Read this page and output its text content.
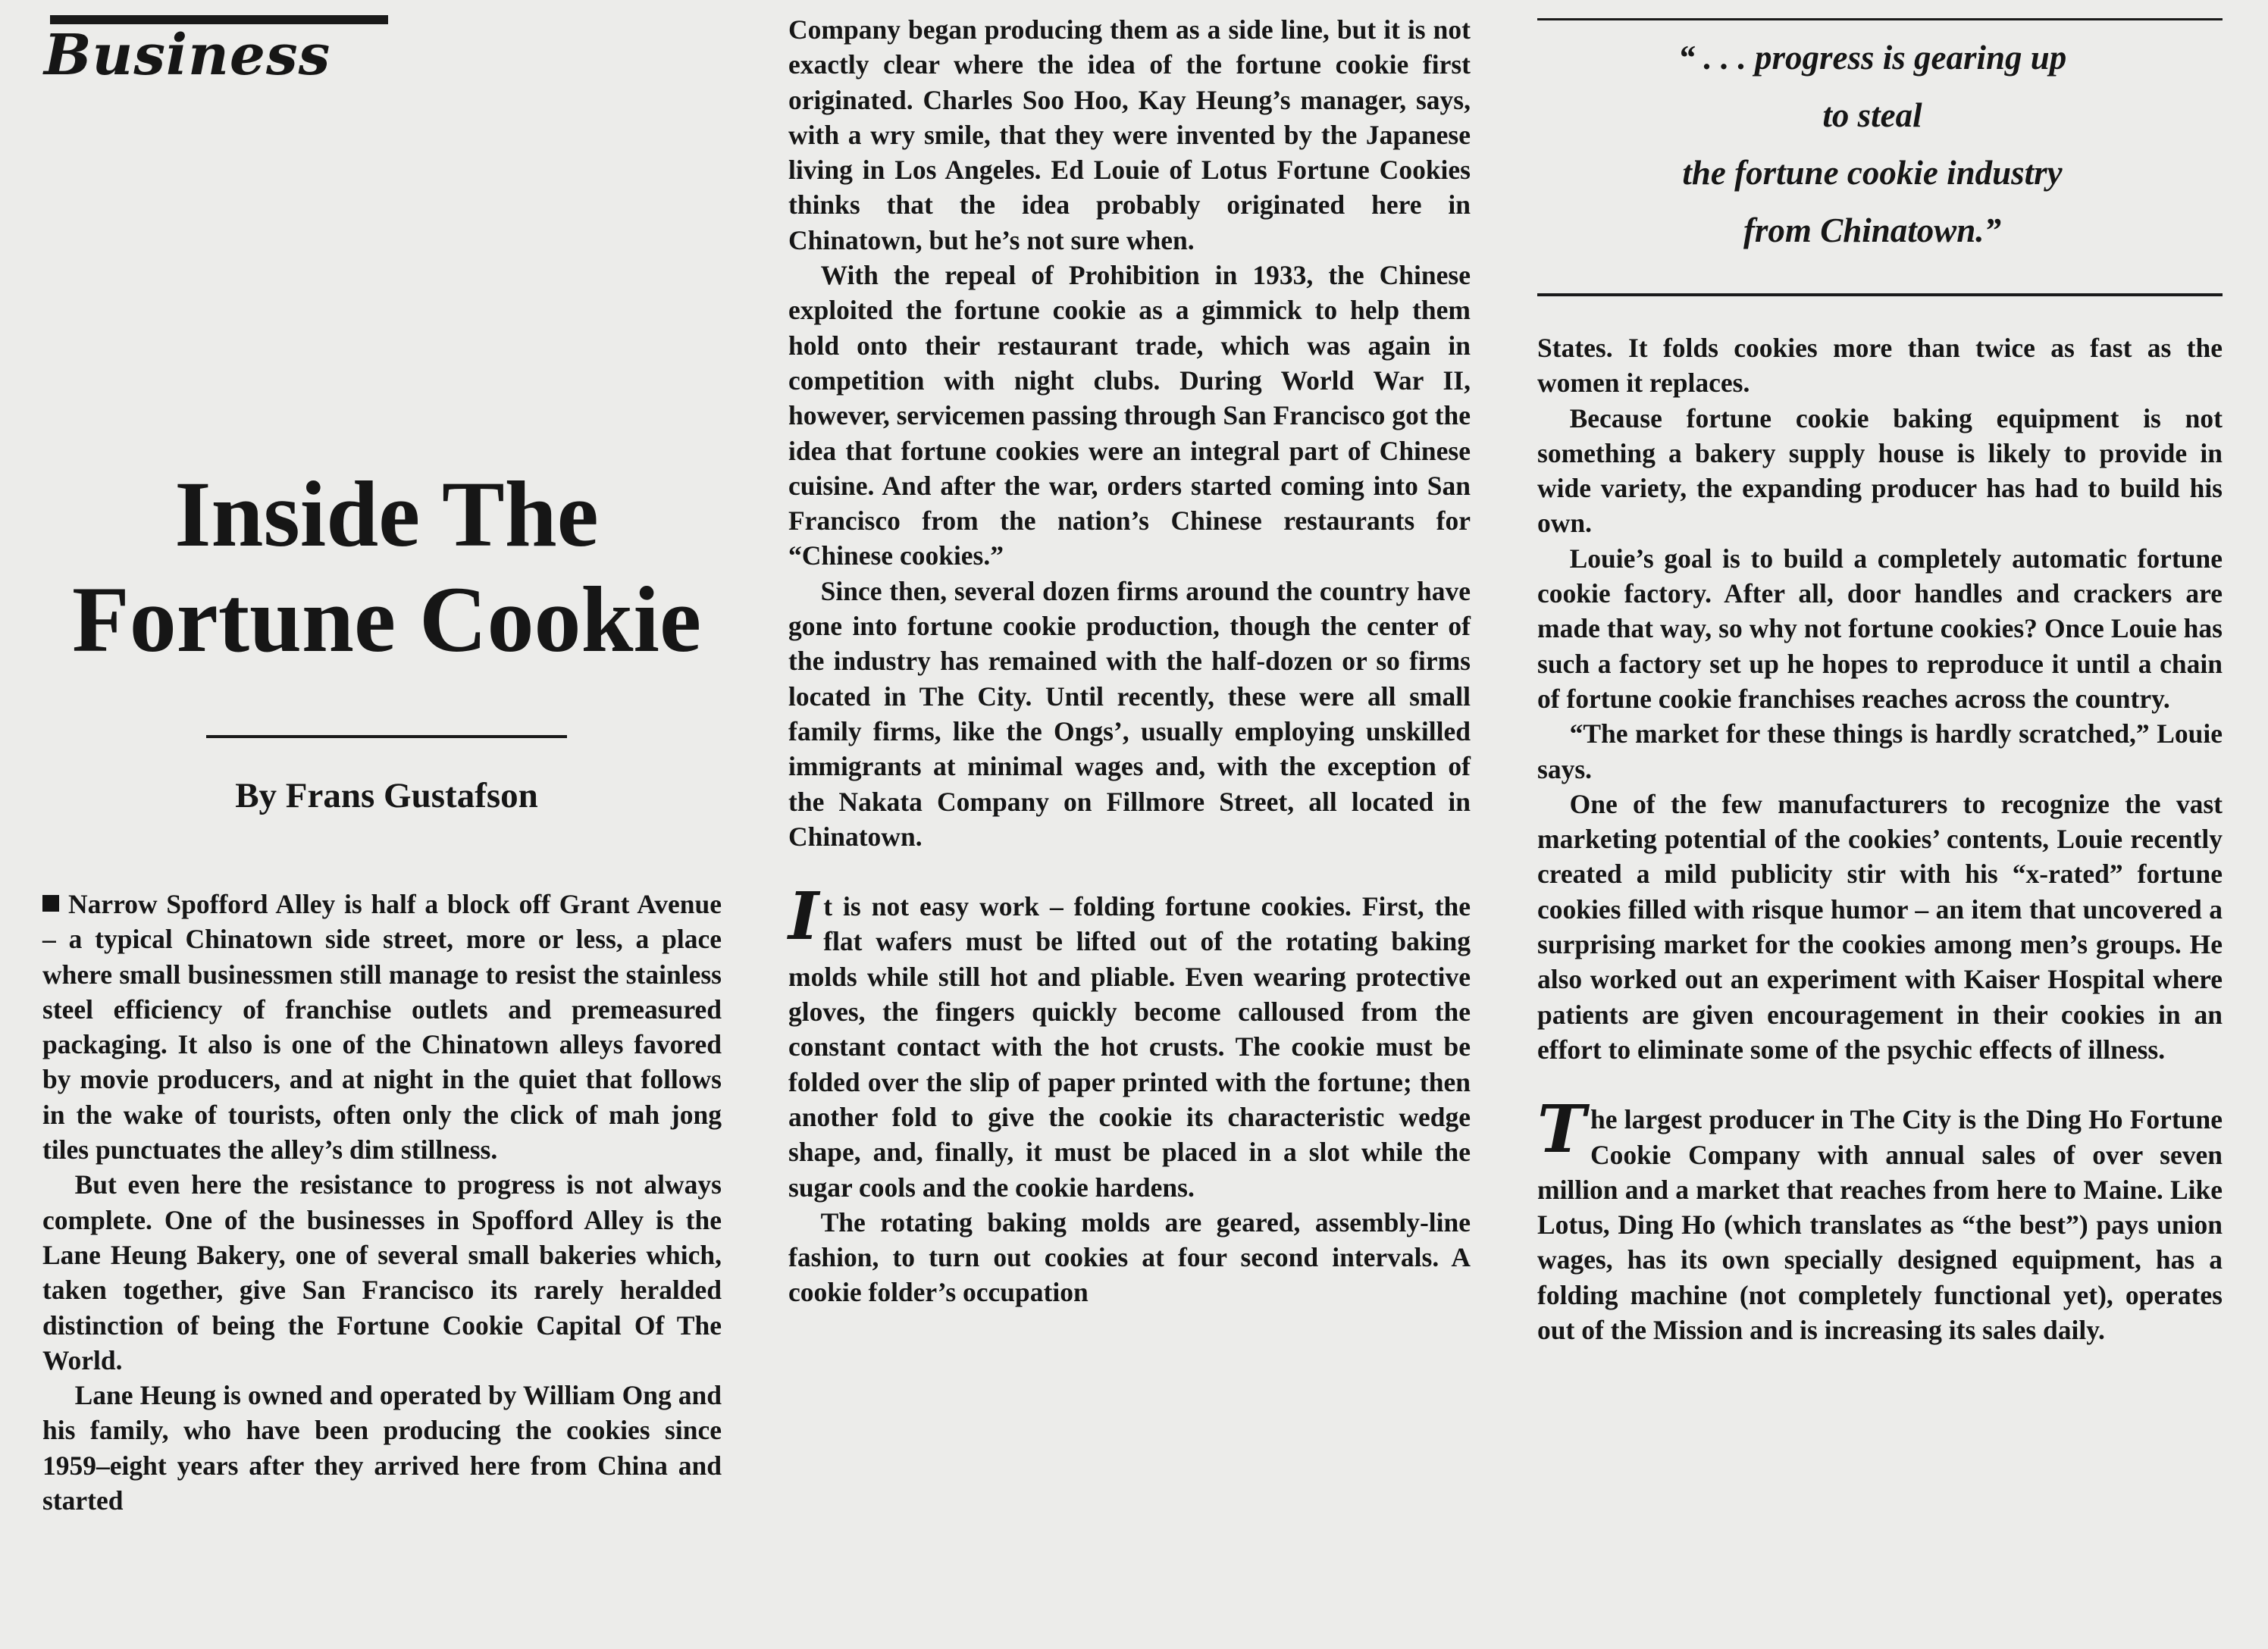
Business
Inside The Fortune Cookie
By Frans Gustafson

Narrow Spofford Alley is half a block off Grant Avenue – a typical Chinatown side street, more or less, a place where small businessmen still manage to resist the stainless steel efficiency of franchise outlets and premeasured packaging. It also is one of the Chinatown alleys favored by movie producers, and at night in the quiet that follows in the wake of tourists, often only the click of mah jong tiles punctuates the alley’s dim stillness.

But even here the resistance to progress is not always complete. One of the businesses in Spofford Alley is the Lane Heung Bakery, one of several small bakeries which, taken together, give San Francisco its rarely heralded distinction of being the Fortune Cookie Capital Of The World.

Lane Heung is owned and operated by William Ong and his family, who have been producing the cookies since 1959–eight years after they arrived here from China and started

Company began producing them as a side line, but it is not exactly clear where the idea of the fortune cookie first originated. Charles Soo Hoo, Kay Heung’s manager, says, with a wry smile, that they were invented by the Japanese living in Los Angeles. Ed Louie of Lotus Fortune Cookies thinks that the idea probably originated here in Chinatown, but he’s not sure when.

With the repeal of Prohibition in 1933, the Chinese exploited the fortune cookie as a gimmick to help them hold onto their restaurant trade, which was again in competition with night clubs. During World War II, however, servicemen passing through San Francisco got the idea that fortune cookies were an integral part of Chinese cuisine. And after the war, orders started coming into San Francisco from the nation’s Chinese restaurants for “Chinese cookies.”

Since then, several dozen firms around the country have gone into fortune cookie production, though the center of the industry has remained with the half-dozen or so firms located in The City. Until recently, these were all small family firms, like the Ongs’, usually employing unskilled immigrants at minimal wages and, with the exception of the Nakata Company on Fillmore Street, all located in Chinatown.

It is not easy work – folding fortune cookies. First, the flat wafers must be lifted out of the rotating baking molds while still hot and pliable. Even wearing protective gloves, the fingers quickly become calloused from the constant contact with the hot crusts. The cookie must be folded over the slip of paper printed with the fortune; then another fold to give the cookie its characteristic wedge shape, and, finally, it must be placed in a slot while the sugar cools and the cookie hardens.

The rotating baking molds are geared, assembly-line fashion, to turn out cookies at four second intervals. A cookie folder’s occupation

“ . . . progress is gearing up
to steal
the fortune cookie industry
from Chinatown.”

States. It folds cookies more than twice as fast as the women it replaces.

Because fortune cookie baking equipment is not something a bakery supply house is likely to provide in wide variety, the expanding producer has had to build his own.

Louie’s goal is to build a completely automatic fortune cookie factory. After all, door handles and crackers are made that way, so why not fortune cookies? Once Louie has such a factory set up he hopes to reproduce it until a chain of fortune cookie franchises reaches across the country.

“The market for these things is hardly scratched,” Louie says.

One of the few manufacturers to recognize the vast marketing potential of the cookies’ contents, Louie recently created a mild publicity stir with his “x-rated” fortune cookies filled with risque humor – an item that uncovered a surprising market for the cookies among men’s groups. He also worked out an experiment with Kaiser Hospital where patients are given encouragement in their cookies in an effort to eliminate some of the psychic effects of illness.

The largest producer in The City is the Ding Ho Fortune Cookie Company with annual sales of over seven million and a market that reaches from here to Maine. Like Lotus, Ding Ho (which translates as “the best”) pays union wages, has its own specially designed equipment, has a folding machine (not completely functional yet), operates out of the Mission and is increasing its sales daily.
